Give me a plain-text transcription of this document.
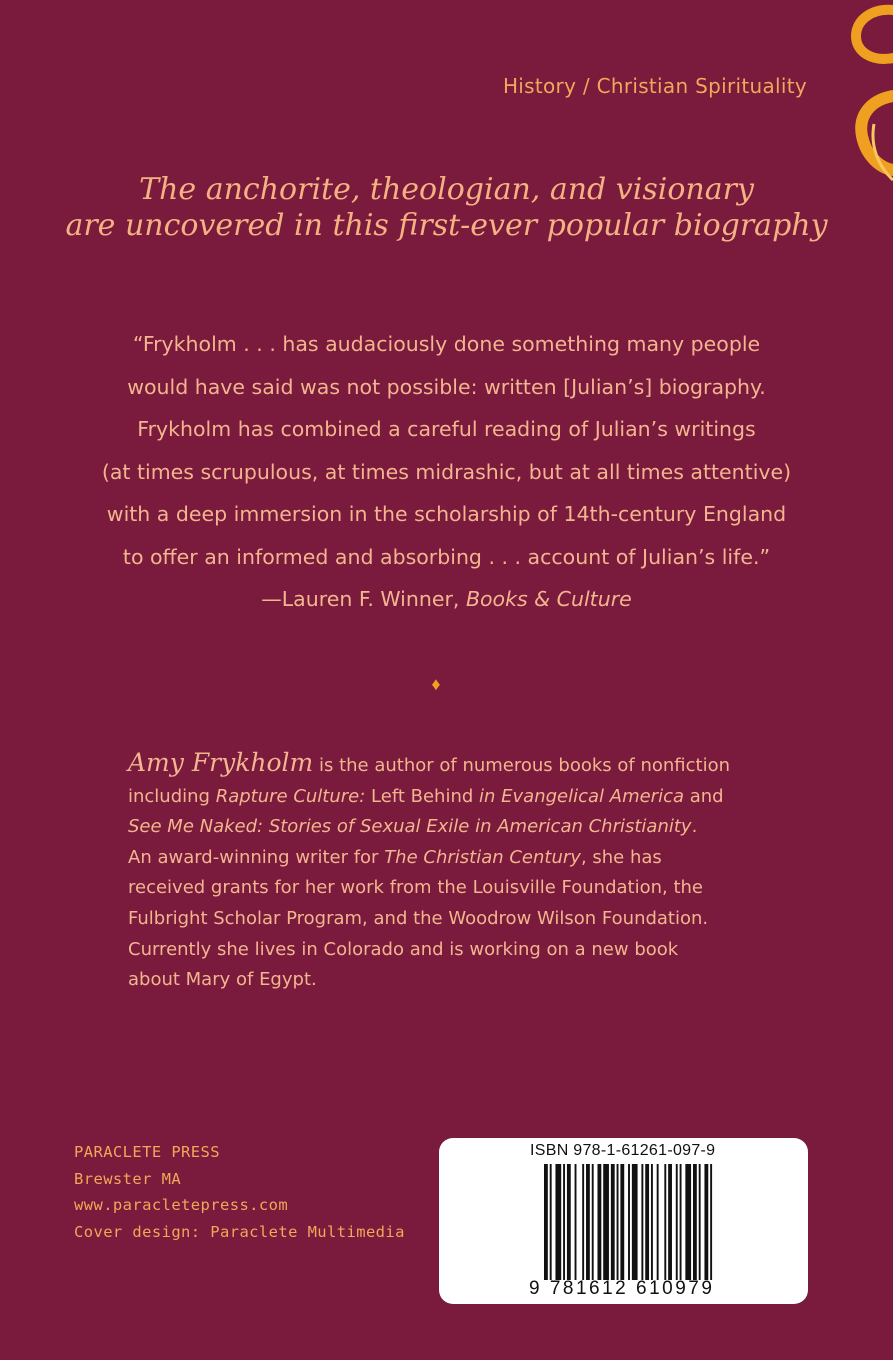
History / Christian Spirituality
The anchorite, theologian, and visionary
are uncovered in this first-ever popular biography
“Frykholm . . . has audaciously done something many people
would have said was not possible: written [Julian’s] biography.
Frykholm has combined a careful reading of Julian’s writings
(at times scrupulous, at times midrashic, but at all times attentive)
with a deep immersion in the scholarship of 14th-century England
to offer an informed and absorbing . . . account of Julian’s life.”
—Lauren F. Winner, Books & Culture
♦
Amy Frykholm is the author of numerous books of nonfiction
including Rapture Culture: Left Behind in Evangelical America and
See Me Naked: Stories of Sexual Exile in American Christianity.
An award-winning writer for The Christian Century, she has
received grants for her work from the Louisville Foundation, the
Fulbright Scholar Program, and the Woodrow Wilson Foundation.
Currently she lives in Colorado and is working on a new book
about Mary of Egypt.
PARACLETE PRESS
Brewster MA
www.paracletepress.com
Cover design: Paraclete Multimedia
ISBN 978-1-61261-097-9
9 781612 610979
